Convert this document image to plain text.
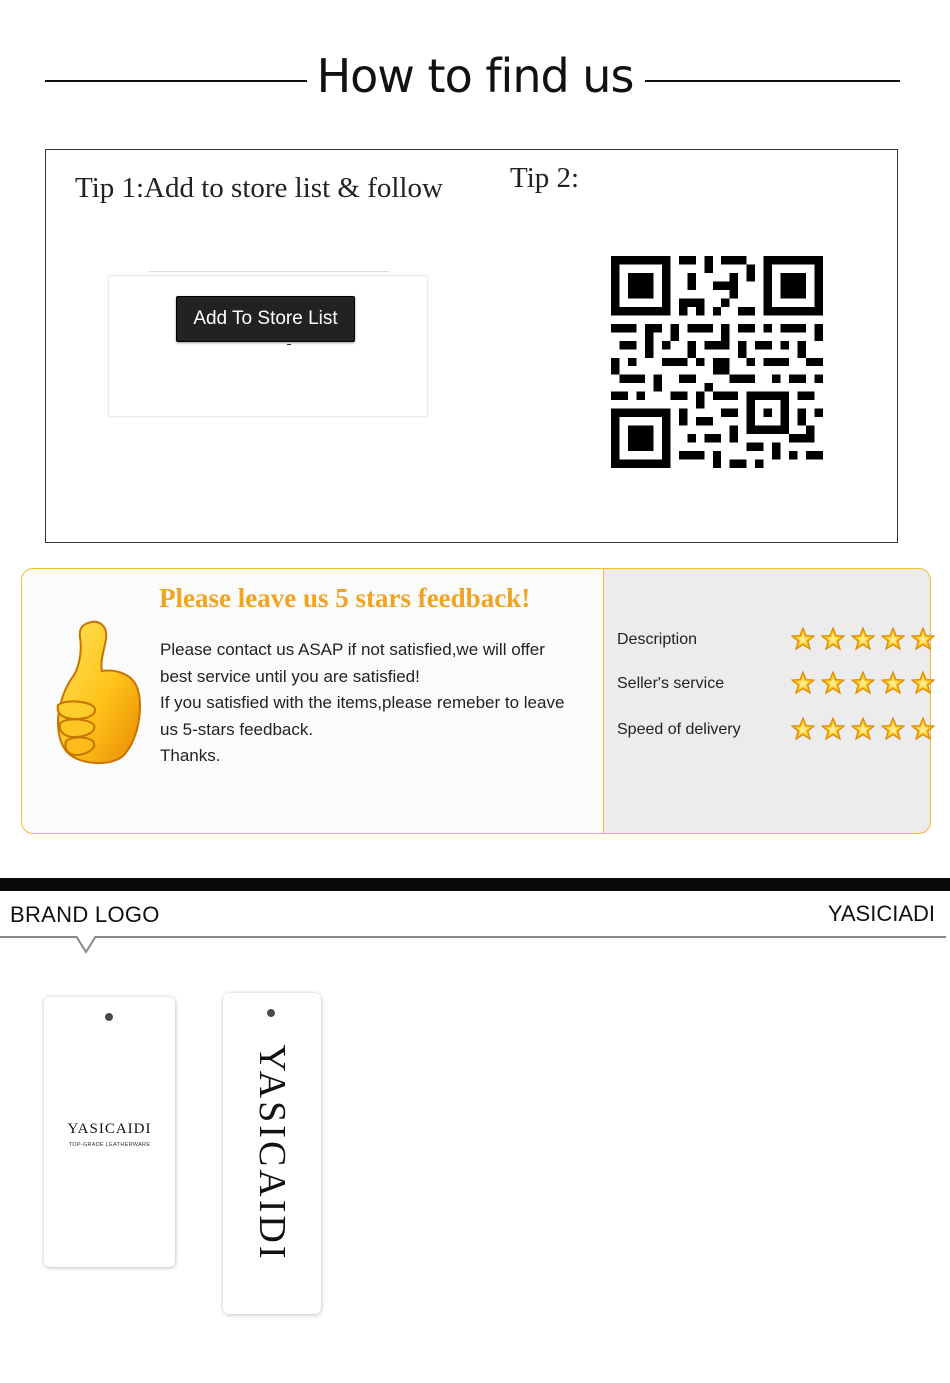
How to find us
Tip 1:Add to store list & follow Tip 2:
Add To Store List
Please leave us 5 stars feedback!
Please contact us ASAP if not satisfied,we will offer
best service until you are satisfied!
If you satisfied with the items,please remeber to leave
us 5-stars feedback.
Thanks.
Description
Seller's service
Speed of delivery
BRAND LOGO	YASICIADI
YASICAIDI
TOP-GRADE LEATHERWARE	YASICAIDI
